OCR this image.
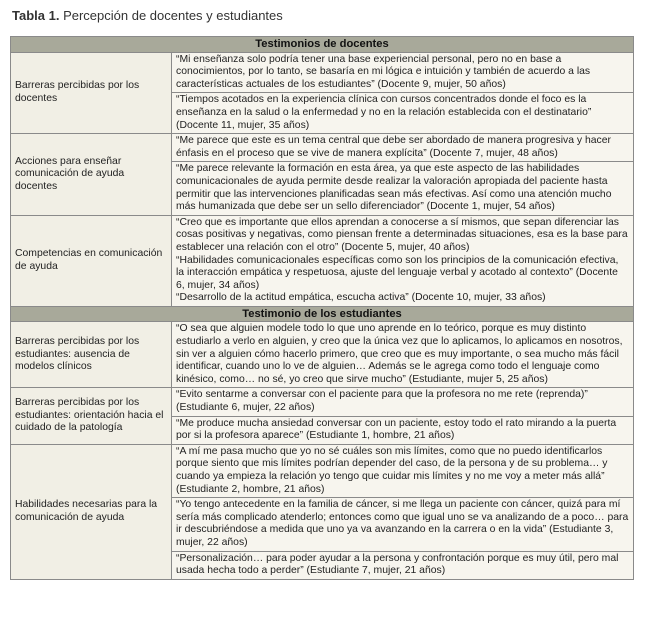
Tabla 1. Percepción de docentes y estudiantes
Testimonios de docentes	
Barreras percibidas por los docentes	“Mi enseñanza solo podría tener una base experiencial personal, pero no en base a conocimientos, por lo tanto, se basaría en mi lógica e intuición y también de acuerdo a las características actuales de los estudiantes” (Docente 9, mujer, 50 años)
	“Tiempos acotados en la experiencia clínica con cursos concentrados donde el foco es la enseñanza en la salud o la enfermedad y no en la relación establecida con el destinatario” (Docente 11, mujer, 35 años)
Acciones para enseñar comunicación de ayuda docentes	“Me parece que este es un tema central que debe ser abordado de manera progresiva y hacer énfasis en el proceso que se vive de manera explícita” (Docente 7, mujer, 48 años)
	“Me parece relevante la formación en esta área, ya que este aspecto de las habilidades comunicacionales de ayuda permite desde realizar la valoración apropiada del paciente hasta permitir que las intervenciones planificadas sean más efectivas. Así como una atención mucho más humanizada que debe ser un sello diferenciador” (Docente 1, mujer, 54 años)
Competencias en comunicación de ayuda	“Creo que es importante que ellos aprendan a conocerse a sí mismos, que sepan diferenciar las cosas positivas y negativas, como piensan frente a determinadas situaciones, esa es la base para establecer una relación con el otro” (Docente 5, mujer, 40 años)
“Habilidades comunicacionales específicas como son los principios de la comunicación efectiva, la interacción empática y respetuosa, ajuste del lenguaje verbal y acotado al contexto” (Docente 6, mujer, 34 años)
“Desarrollo de la actitud empática, escucha activa” (Docente 10, mujer, 33 años)

Testimonio de los estudiantes	
Barreras percibidas por los estudiantes: ausencia de modelos clínicos	“O sea que alguien modele todo lo que uno aprende en lo teórico, porque es muy distinto estudiarlo a verlo en alguien, y creo que la única vez que lo aplicamos, lo aplicamos en nosotros, sin ver a alguien cómo hacerlo primero, que creo que es muy importante, o sea mucho más fácil identificar, cuando uno lo ve de alguien… Además se le agrega como todo el lenguaje como kinésico, como… no sé, yo creo que sirve mucho” (Estudiante, mujer 5, 25 años)
Barreras percibidas por los estudiantes: orientación hacia el cuidado de la patología	“Evito sentarme a conversar con el paciente para que la profesora no me rete (reprenda)” (Estudiante 6, mujer, 22 años)
	“Me produce mucha ansiedad conversar con un paciente, estoy todo el rato mirando a la puerta por si la profesora aparece” (Estudiante 1, hombre, 21 años)
Habilidades necesarias para la comunicación de ayuda	“A mí me pasa mucho que yo no sé cuáles son mis límites, como que no puedo identificarlos porque siento que mis límites podrían depender del caso, de la persona y de su problema… y cuando ya empieza la relación yo tengo que cuidar mis límites y no me voy a meter más allá” (Estudiante 2, hombre, 21 años)
	“Yo tengo antecedente en la familia de cáncer, si me llega un paciente con cáncer, quizá para mí sería más complicado atenderlo; entonces como que igual uno se va analizando de a poco… para ir descubriéndose a medida que uno ya va avanzando en la carrera o en la vida” (Estudiante 3, mujer, 22 años)
	“Personalización… para poder ayudar a la persona y confrontación porque es muy útil, pero mal usada hecha todo a perder” (Estudiante 7, mujer, 21 años)
